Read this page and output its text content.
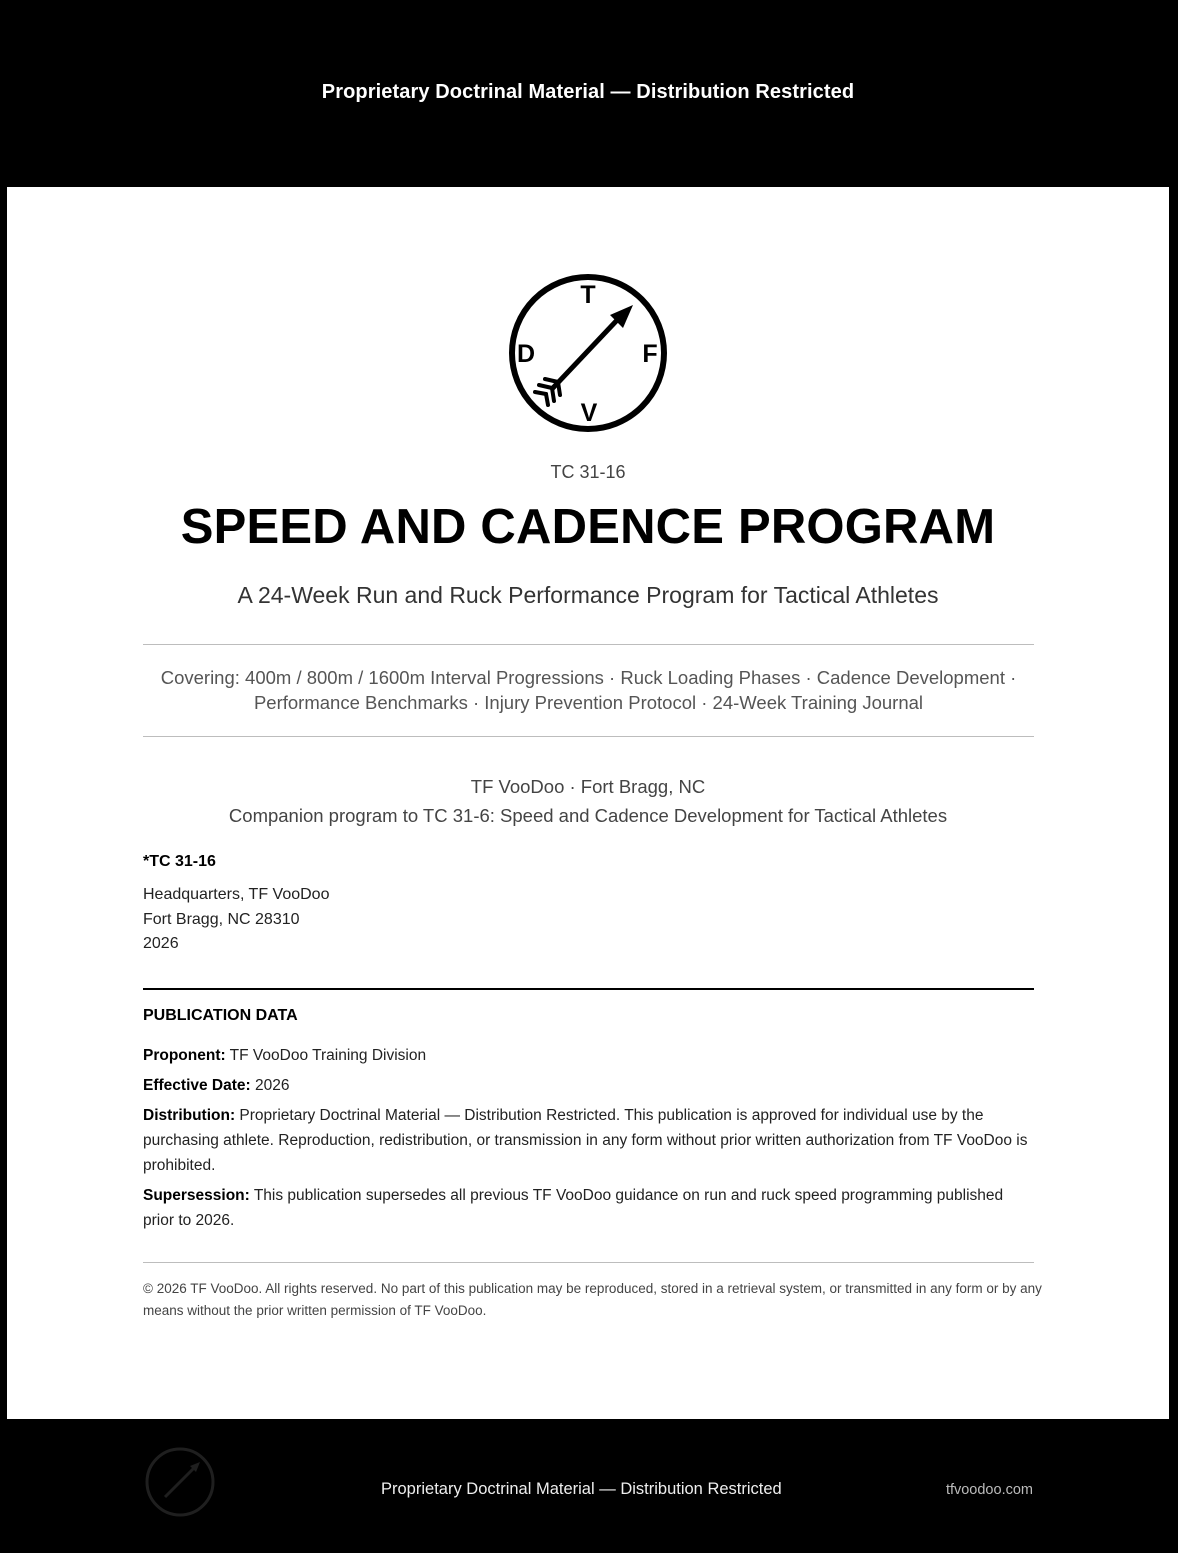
Proprietary Doctrinal Material — Distribution Restricted
T
D	F
V
TC 31-16
SPEED AND CADENCE PROGRAM
A 24-Week Run and Ruck Performance Program for Tactical Athletes
Covering: 400m / 800m / 1600m Interval Progressions · Ruck Loading Phases · Cadence Development ·
Performance Benchmarks · Injury Prevention Protocol · 24-Week Training Journal
TF VooDoo · Fort Bragg, NC
Companion program to TC 31-6: Speed and Cadence Development for Tactical Athletes
*TC 31-16
Headquarters, TF VooDoo
Fort Bragg, NC 28310
2026
PUBLICATION DATA

Proponent: TF VooDoo Training Division

Effective Date: 2026

Distribution: Proprietary Doctrinal Material — Distribution Restricted. This publication is approved for individual use by the purchasing athlete. Reproduction, redistribution, or transmission in any form without prior written authorization from TF VooDoo is prohibited.

Supersession: This publication supersedes all previous TF VooDoo guidance on run and ruck speed programming published prior to 2026.

© 2026 TF VooDoo. All rights reserved. No part of this publication may be reproduced, stored in a retrieval system, or transmitted in any form or by any means without the prior written permission of TF VooDoo.
Proprietary Doctrinal Material — Distribution Restricted	tfvoodoo.com
